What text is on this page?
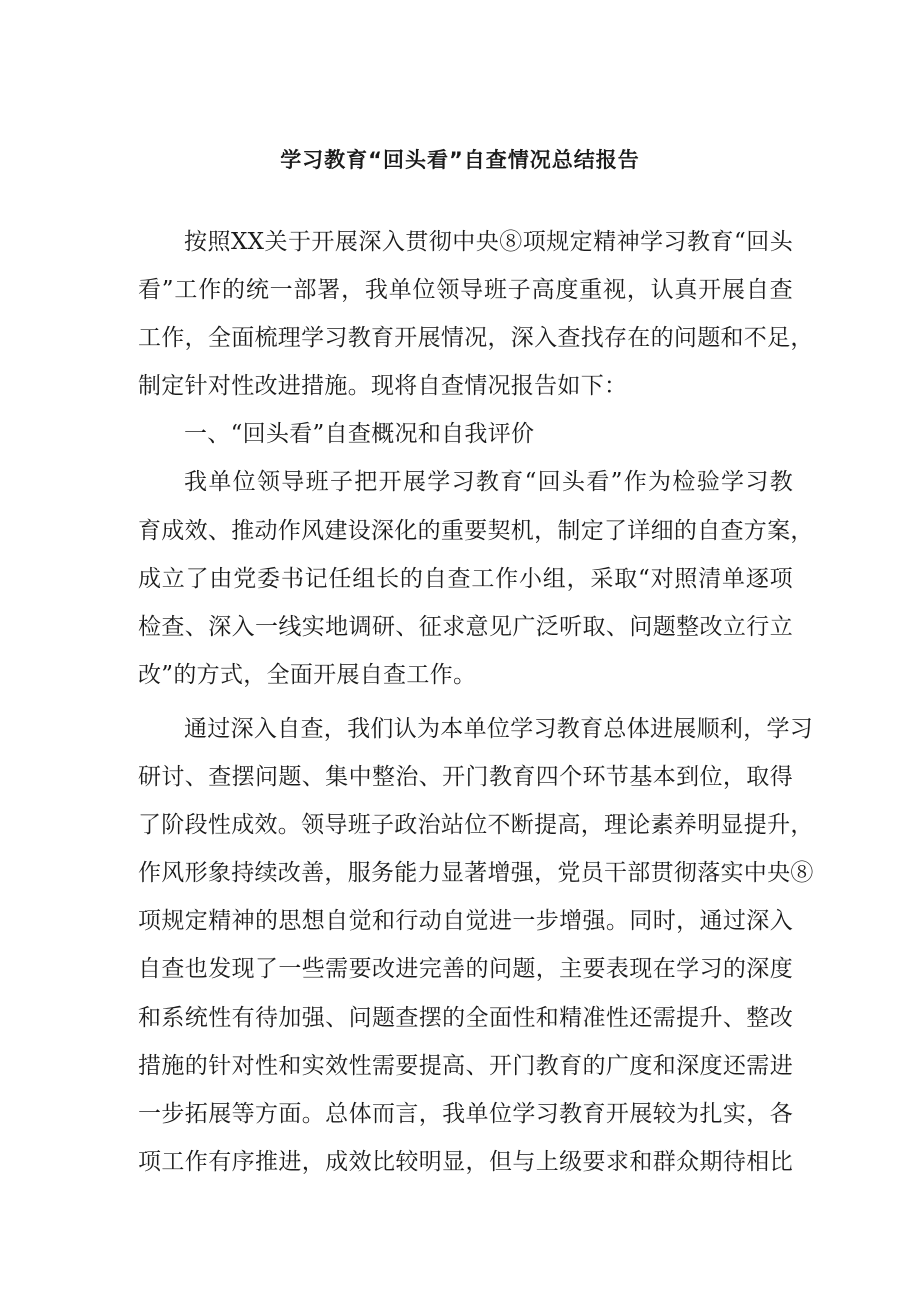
学习教育“回头看”自查情况总结报告
按照XX关于开展深入贯彻中央⑧项规定精神学习教育“回头
看”工作的统一部署，我单位领导班子高度重视，认真开展自查
工作，全面梳理学习教育开展情况，深入查找存在的问题和不足，
制定针对性改进措施。现将自查情况报告如下：
一、“回头看”自查概况和自我评价
我单位领导班子把开展学习教育“回头看”作为检验学习教
育成效、推动作风建设深化的重要契机，制定了详细的自查方案，
成立了由党委书记任组长的自查工作小组，采取“对照清单逐项
检查、深入一线实地调研、征求意见广泛听取、问题整改立行立
改”的方式，全面开展自查工作。
通过深入自查，我们认为本单位学习教育总体进展顺利，学习
研讨、查摆问题、集中整治、开门教育四个环节基本到位，取得
了阶段性成效。领导班子政治站位不断提高，理论素养明显提升，
作风形象持续改善，服务能力显著增强，党员干部贯彻落实中央⑧
项规定精神的思想自觉和行动自觉进一步增强。同时，通过深入
自查也发现了一些需要改进完善的问题，主要表现在学习的深度
和系统性有待加强、问题查摆的全面性和精准性还需提升、整改
措施的针对性和实效性需要提高、开门教育的广度和深度还需进
一步拓展等方面。总体而言，我单位学习教育开展较为扎实，各
项工作有序推进，成效比较明显，但与上级要求和群众期待相比
